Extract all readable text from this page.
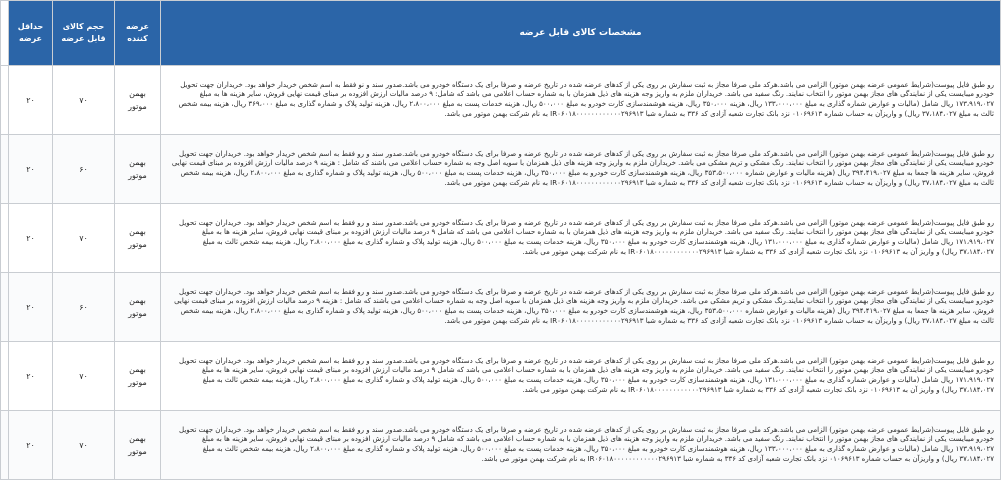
	حداقل عرضه	حجم کالای قابل عرضه	عرضه کننده	مشخصات کالای قابل عرضه
	۲۰	۷۰	بهمن موتور	رو طبق فایل پیوست(شرایط عمومی عرضه بهمن موتور) الزامی می باشد.هرکد ملی صرفا مجاز به ثبت سفارش بر روی یکی از کدهای عرضه شده در تاریخ عرضه و صرفا برای یک دستگاه خودرو می باشد.صدور سند و نو فقط به اسم شخص خریدار خواهد بود. خریداران جهت تحویل خودرو میبایست یکی از نمایندگی های مجاز بهمن موتور را انتخاب نمایند. رنگ سفید می باشد. خریداران ملزم به واریز وجه هزینه های ذیل همزمان با به شماره حساب اعلامی می باشد که شامل: ۹ درصد مالیات ارزش افزوده بر مبنای قیمت نهایی فروش، سایر هزینه ها به مبلغ ۱۷۳،۹۱۹،۰۲۷ ریال شامل (مالیات و عوارض شماره گذاری به مبلغ ۱۳۳،۰۰۰،۰۰۰ ریال، هزینه ۳۵۰،۰۰۰ ریال، هزینه هوشمندسازی کارت خودرو به مبلغ ۵۰۰،۰۰۰ ریال، هزینه خدمات پست به مبلغ ۲،۸۰۰،۰۰۰ ریال، هزینه تولید پلاک و شماره گذاری به مبلغ ۳۶۹،۰۰۰ ریال، هزینه بیمه شخص ثالث به مبلغ ۳۷،۱۸۴،۰۲۷ ریال) و واریزآن به حساب شماره ۰۱۰۶۹۶۱۳ نزد بانک تجارت شعبه آزادی کد ۳۳۶ به شماره شبا IR۰۶۰۱۸۰۰۰۰۰۰۰۰۰۰۰۰۲۹۶۹۱۳ به نام شرکت بهمن موتور می باشد.
	۲۰	۶۰	بهمن موتور	رو طبق فایل پیوست(شرایط عمومی عرضه بهمن موتور) الزامی می باشد.هرکد ملی صرفا مجاز به ثبت سفارش بر روی یکی از کدهای عرضه شده در تاریخ عرضه و صرفا برای یک دستگاه خودرو می باشد.صدور سند و رو فقط به اسم شخص خریدار خواهد بود. خریداران جهت تحویل خودرو میبایست یکی از نمایندگی های مجاز بهمن موتور را انتخاب نمایند. رنگ مشکی و تریم مشکی می باشد. خریداران ملزم به واریز وجه هزینه های ذیل همزمان با سویه اصل وجه به شماره حساب اعلامی می باشند که شامل : هزینه ۹ درصد مالیات ارزش افزوده بر مبنای قیمت نهایی فروش، سایر هزینه ها جمعا به مبلغ ۳۹۴،۴۱۹،۰۲۷ ریال (هزینه مالیات و عوارض شماره ۳۵۳،۵۰۰،۰۰۰ ریال، هزینه هوشمندسازی کارت خودرو به مبلغ ۳۵۰،۰۰۰ ریال، هزینه خدمات پست به مبلغ ۵۰۰،۰۰۰ ریال، هزینه تولید پلاک و شماره گذاری به مبلغ ۲،۸۰۰،۰۰۰ ریال، هزینه بیمه شخص ثالث به مبلغ ۳۷،۱۸۴،۰۲۷ ریال) و واریزآن به حساب شماره ۰۱۰۶۹۶۱۳ نزد بانک تجارت شعبه آزادی کد ۳۳۶ به شماره شبا IR۰۶۰۱۸۰۰۰۰۰۰۰۰۰۰۰۰۲۹۶۹۱۳ به نام شرکت بهمن موتور می باشد.
	۲۰	۷۰	بهمن موتور	رو طبق فایل پیوست(شرایط عمومی عرضه بهمن موتور) الزامی می باشد.هرکد ملی صرفا مجاز به ثبت سفارش بر روی یکی از کدهای عرضه شده در تاریخ عرضه و صرفا برای یک دستگاه خودرو می باشد.صدور سند و رو فقط به اسم شخص خریدار خواهد بود. خریداران جهت تحویل خودرو میبایست یکی از نمایندگی های مجاز بهمن موتور را انتخاب نمایند. رنگ سفید می باشد. خریداران ملزم به واریز وجه هزینه های ذیل همزمان با به شماره حساب اعلامی می باشد که شامل ۹ درصد مالیات ارزش افزوده بر مبنای قیمت نهایی فروش، سایر هزینه ها به مبلغ ۱۷۱،۹۱۹،۰۲۷ ریال شامل (مالیات و عوارض شماره گذاری به مبلغ ۱۳۱،۰۰۰،۰۰۰ ریال، هزینه هوشمندسازی کارت خودرو به مبلغ ۳۵۰،۰۰۰ ریال، هزینه خدمات پست به مبلغ ۵۰۰،۰۰۰ ریال، هزینه تولید پلاک و شماره گذاری به مبلغ ۲،۸۰۰،۰۰۰ ریال، هزینه بیمه شخص ثالث به مبلغ ۳۷،۱۸۴،۰۲۷ ریال) و واریز آن به ۰۱۰۶۹۶۱۳ نزد بانک تجارت شعبه آزادی کد ۳۳۶ به شماره شبا IR۰۶۰۱۸۰۰۰۰۰۰۰۰۰۰۰۰۲۹۶۹۱۳ به نام شرکت بهمن موتور می باشد.
	۲۰	۶۰	بهمن موتور	رو طبق فایل پیوست(شرایط عمومی عرضه بهمن موتور) الزامی می باشد.هرکد ملی صرفا مجاز به ثبت سفارش بر روی یکی از کدهای عرضه شده در تاریخ عرضه و صرفا برای یک دستگاه خودرو می باشد.صدور سند و رو فقط به اسم شخص خریدار خواهد بود. خریداران جهت تحویل خودرو میبایست یکی از نمایندگی های مجاز بهمن موتور را انتخاب نمایند.رنگ مشکی و تریم مشکی می باشد. خریداران ملزم به واریز وجه هزینه های ذیل همزمان با سویه اصل وجه به شماره حساب اعلامی می باشند که شامل : هزینه ۹ درصد مالیات ارزش افزوده بر مبنای قیمت نهایی فروش، سایر هزینه ها جمعا به مبلغ ۳۹۴،۴۱۹،۰۲۷ ریال (هزینه مالیات و عوارض شماره ۳۵۳،۵۰۰،۰۰۰ ریال، هزینه هوشمندسازی کارت خودرو به مبلغ ۳۵۰،۰۰۰ ریال، هزینه خدمات پست به مبلغ ۵۰۰،۰۰۰ ریال، هزینه تولید پلاک و شماره گذاری به مبلغ ۲،۸۰۰،۰۰۰ ریال، هزینه بیمه شخص ثالث به مبلغ ۳۷،۱۸۴،۰۲۷ ریال) و واریزآن به حساب شماره ۰۱۰۶۹۶۱۳ نزد بانک تجارت شعبه آزادی کد ۳۳۶ به شماره شبا IR۰۶۰۱۸۰۰۰۰۰۰۰۰۰۰۰۰۲۹۶۹۱۳ به نام شرکت بهمن موتور می باشد.
	۲۰	۷۰	بهمن موتور	رو طبق فایل پیوست(شرایط عمومی عرضه بهمن موتور) الزامی می باشد.هرکد ملی صرفا مجاز به ثبت سفارش بر روی یکی از کدهای عرضه شده در تاریخ عرضه و صرفا برای یک دستگاه خودرو می باشد.صدور سند و رو فقط به اسم شخص خریدار خواهد بود. خریداران جهت تحویل خودرو میبایست یکی از نمایندگی های مجاز بهمن موتور را انتخاب نمایند. رنگ سفید می باشد. خریداران ملزم به واریز وجه هزینه های ذیل همزمان با به شماره حساب اعلامی می باشد که شامل ۹ درصد مالیات ارزش افزوده بر مبنای قیمت نهایی فروش، سایر هزینه ها به مبلغ ۱۷۱،۹۱۹،۰۲۷ ریال شامل (مالیات و عوارض شماره گذاری به مبلغ ۱۳۱،۰۰۰،۰۰۰ ریال، هزینه هوشمندسازی کارت خودرو به مبلغ ۳۵۰،۰۰۰ ریال، هزینه خدمات پست به مبلغ ۵۰۰،۰۰۰ ریال، هزینه تولید پلاک و شماره گذاری به مبلغ ۲،۸۰۰،۰۰۰ ریال، هزینه بیمه شخص ثالث به مبلغ ۳۷،۱۸۴،۰۲۷ ریال) و واریز آن به ۰۱۰۶۹۶۱۳ نزد بانک تجارت شعبه آزادی کد ۳۳۶ به شماره شبا IR۰۶۰۱۸۰۰۰۰۰۰۰۰۰۰۰۰۲۹۶۹۱۳ به نام شرکت بهمن موتور می باشد.
	۲۰	۷۰	بهمن موتور	رو طبق فایل پیوست(شرایط عمومی عرضه بهمن موتور) الزامی می باشد.هرکد ملی صرفا مجاز به ثبت سفارش بر روی یکی از کدهای عرضه شده در تاریخ عرضه و صرفا برای یک دستگاه خودرو می باشد.صدور سند و رو فقط به اسم شخص خریدار خواهد بود. خریداران جهت تحویل خودرو میبایست یکی از نمایندگی های مجاز بهمن موتور را انتخاب نمایند. رنگ سفید می باشد. خریداران ملزم به واریز وجه هزینه های ذیل همزمان با به شماره حساب اعلامی می باشد که شامل ۹ درصد مالیات ارزش افزوده بر مبنای قیمت نهایی فروش، سایر هزینه ها به مبلغ ۱۷۳،۹۱۹،۰۲۷ ریال شامل (مالیات و عوارض شماره گذاری به مبلغ ۱۳۳،۰۰۰،۰۰۰ ریال، هزینه هوشمندسازی کارت خودرو به مبلغ ۳۵۰،۰۰۰ ریال، هزینه خدمات پست به مبلغ ۵۰۰،۰۰۰ ریال، هزینه تولید پلاک و شماره گذاری به مبلغ ۲،۸۰۰،۰۰۰ ریال، هزینه بیمه شخص ثالث به مبلغ ۳۷،۱۸۴،۰۲۷ ریال) و واریزآن به حساب شماره ۰۱۰۶۹۶۱۳ نزد بانک تجارت شعبه آزادی کد ۳۳۶ به شماره شبا IR۰۶۰۱۸۰۰۰۰۰۰۰۰۰۰۰۰۲۹۶۹۱۳ به نام شرکت بهمن موتور می باشد.
